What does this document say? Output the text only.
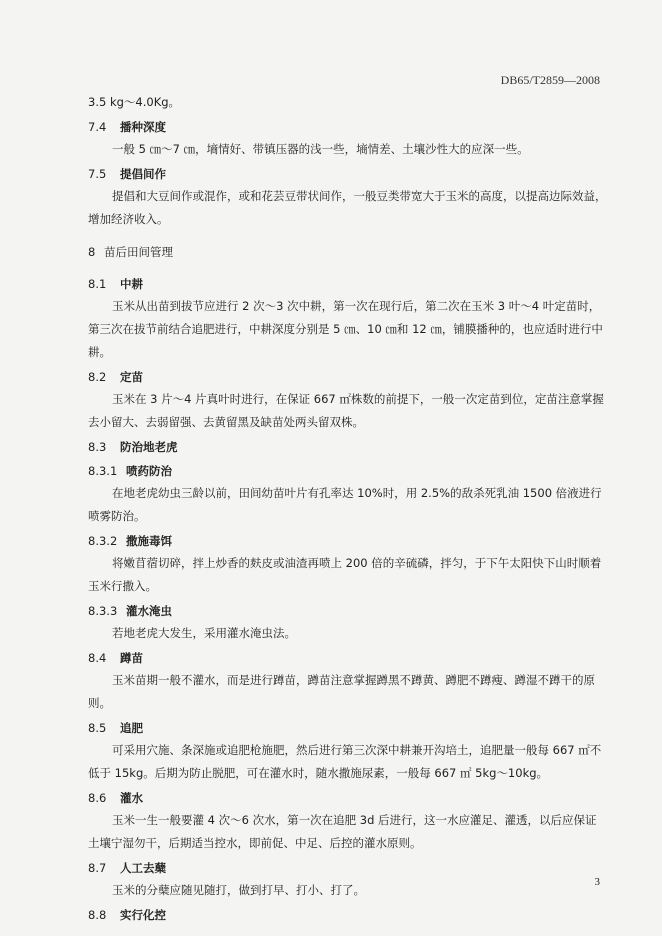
DB65/T2859—2008

3.5 kg～4.0Kg。

7.4 播种深度

一般 5 ㎝～7 ㎝，墒情好、带镇压器的浅一些，墒情差、土壤沙性大的应深一些。

7.5 提倡间作

提倡和大豆间作或混作，或和花芸豆带状间作，一般豆类带宽大于玉米的高度，以提高边际效益，增加经济收入。

8 苗后田间管理
8.1 中耕

玉米从出苗到拔节应进行 2 次～3 次中耕，第一次在现行后，第二次在玉米 3 叶～4 叶定苗时，第三次在拔节前结合追肥进行，中耕深度分别是 5 ㎝、10 ㎝和 12 ㎝，铺膜播种的，也应适时进行中耕。

8.2 定苗

玉米在 3 片～4 片真叶时进行，在保证 667 ㎡株数的前提下，一般一次定苗到位，定苗注意掌握去小留大、去弱留强、去黄留黑及缺苗处两头留双株。

8.3 防治地老虎
8.3.1 喷药防治

在地老虎幼虫三龄以前，田间幼苗叶片有孔率达 10%时，用 2.5%的敌杀死乳油 1500 倍液进行喷雾防治。

8.3.2 撒施毒饵

将嫩苜蓿切碎，拌上炒香的麸皮或油渣再喷上 200 倍的辛硫磷，拌匀，于下午太阳快下山时顺着玉米行撒入。

8.3.3 灌水淹虫

若地老虎大发生，采用灌水淹虫法。

8.4 蹲苗

玉米苗期一般不灌水，而是进行蹲苗，蹲苗注意掌握蹲黑不蹲黄、蹲肥不蹲瘦、蹲湿不蹲干的原则。

8.5 追肥

可采用穴施、条深施或追肥枪施肥，然后进行第三次深中耕兼开沟培土，追肥量一般每 667 ㎡不低于 15kg。后期为防止脱肥，可在灌水时，随水撒施尿素，一般每 667 ㎡ 5kg～10kg。

8.6 灌水

玉米一生一般要灌 4 次～6 次水，第一次在追肥 3d 后进行，这一水应灌足、灌透，以后应保证土壤宁湿勿干，后期适当控水，即前促、中足、后控的灌水原则。

8.7 人工去蘖

玉米的分蘖应随见随打，做到打早、打小、打了。

8.8 实行化控
3
